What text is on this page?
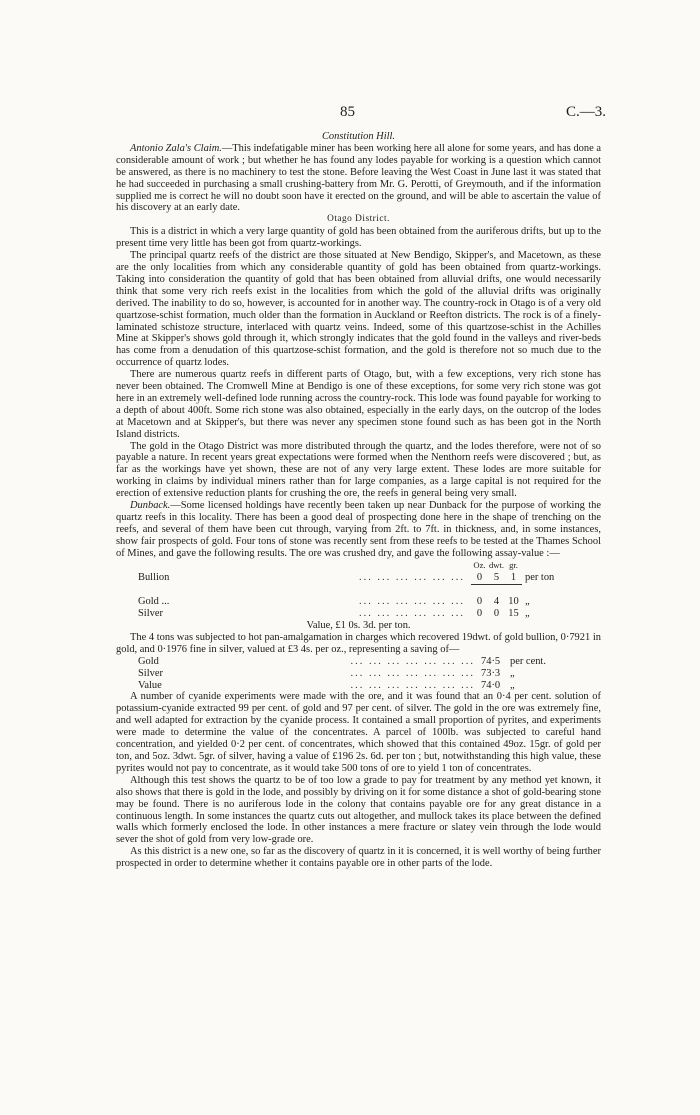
85	C.—3.

Constitution Hill.

Antonio Zala's Claim.—This indefatigable miner has been working here all alone for some years, and has done a considerable amount of work ; but whether he has found any lodes payable for working is a question which cannot be answered, as there is no machinery to test the stone. Before leaving the West Coast in June last it was stated that he had succeeded in purchasing a small crushing-battery from Mr. G. Perotti, of Greymouth, and if the information supplied me is correct he will no doubt soon have it erected on the ground, and will be able to ascertain the value of his discovery at an early date.

Otago District.

This is a district in which a very large quantity of gold has been obtained from the auriferous drifts, but up to the present time very little has been got from quartz-workings.

The principal quartz reefs of the district are those situated at New Bendigo, Skipper's, and Macetown, as these are the only localities from which any considerable quantity of gold has been obtained from quartz-workings. Taking into consideration the quantity of gold that has been obtained from alluvial drifts, one would necessarily think that some very rich reefs exist in the localities from which the gold of the alluvial drifts was originally derived. The inability to do so, however, is accounted for in another way. The country-rock in Otago is of a very old quartzose-schist formation, much older than the formation in Auckland or Reefton districts. The rock is of a finely-laminated schistoze structure, interlaced with quartz veins. Indeed, some of this quartzose-schist in the Achilles Mine at Skipper's shows gold through it, which strongly indicates that the gold found in the valleys and river-beds has come from a denudation of this quartzose-schist formation, and the gold is therefore not so much due to the occurrence of quartz lodes.

There are numerous quartz reefs in different parts of Otago, but, with a few exceptions, very rich stone has never been obtained. The Cromwell Mine at Bendigo is one of these exceptions, for some very rich stone was got here in an extremely well-defined lode running across the country-rock. This lode was found payable for working to a depth of about 400ft. Some rich stone was also obtained, especially in the early days, on the outcrop of the lodes at Macetown and at Skipper's, but there was never any specimen stone found such as has been got in the North Island districts.

The gold in the Otago District was more distributed through the quartz, and the lodes therefore, were not of so payable a nature. In recent years great expectations were formed when the Nenthorn reefs were discovered ; but, as far as the workings have yet shown, these are not of any very large extent. These lodes are more suitable for working in claims by individual miners rather than for large companies, as a large capital is not required for the erection of extensive reduction plants for crushing the ore, the reefs in general being very small.

Dunback.—Some licensed holdings have recently been taken up near Dunback for the purpose of working the quartz reefs in this locality. There has been a good deal of prospecting done here in the shape of trenching on the reefs, and several of them have been cut through, varying from 2ft. to 7ft. in thickness, and, in some instances, show fair prospects of gold. Four tons of stone was recently sent from these reefs to be tested at the Thames School of Mines, and gave the following results. The ore was crushed dry, and gave the following assay-value :—

		Oz.	dwt.	gr.	
Bullion	... ... ... ... ... ...	0	5	1	per ton

Gold ...	... ... ... ... ... ...	0	4	10	„
Silver	... ... ... ... ... ...	0	0	15	„

Value, £1 0s. 3d. per ton.

The 4 tons was subjected to hot pan-amalgamation in charges which recovered 19dwt. of gold bullion, 0·7921 in gold, and 0·1976 fine in silver, valued at £3 4s. per oz., representing a saving of—

Gold	... ... ... ... ... ... ...	74·5	per cent.
Silver	... ... ... ... ... ... ...	73·3	„
Value	... ... ... ... ... ... ...	74·0	„

A number of cyanide experiments were made with the ore, and it was found that an 0·4 per cent. solution of potassium-cyanide extracted 99 per cent. of gold and 97 per cent. of silver. The gold in the ore was extremely fine, and well adapted for extraction by the cyanide process. It contained a small proportion of pyrites, and experiments were made to determine the value of the concentrates. A parcel of 100lb. was subjected to careful hand concentration, and yielded 0·2 per cent. of concentrates, which showed that this contained 49oz. 15gr. of gold per ton, and 5oz. 3dwt. 5gr. of silver, having a value of £196 2s. 6d. per ton ; but, notwithstanding this high value, these pyrites would not pay to concentrate, as it would take 500 tons of ore to yield 1 ton of concentrates.

Although this test shows the quartz to be of too low a grade to pay for treatment by any method yet known, it also shows that there is gold in the lode, and possibly by driving on it for some distance a shot of gold-bearing stone may be found. There is no auriferous lode in the colony that contains payable ore for any great distance in a continuous length. In some instances the quartz cuts out altogether, and mullock takes its place between the defined walls which formerly enclosed the lode. In other instances a mere fracture or slatey vein through the lode would sever the shot of gold from very low-grade ore.

As this district is a new one, so far as the discovery of quartz in it is concerned, it is well worthy of being further prospected in order to determine whether it contains payable ore in other parts of the lode.
